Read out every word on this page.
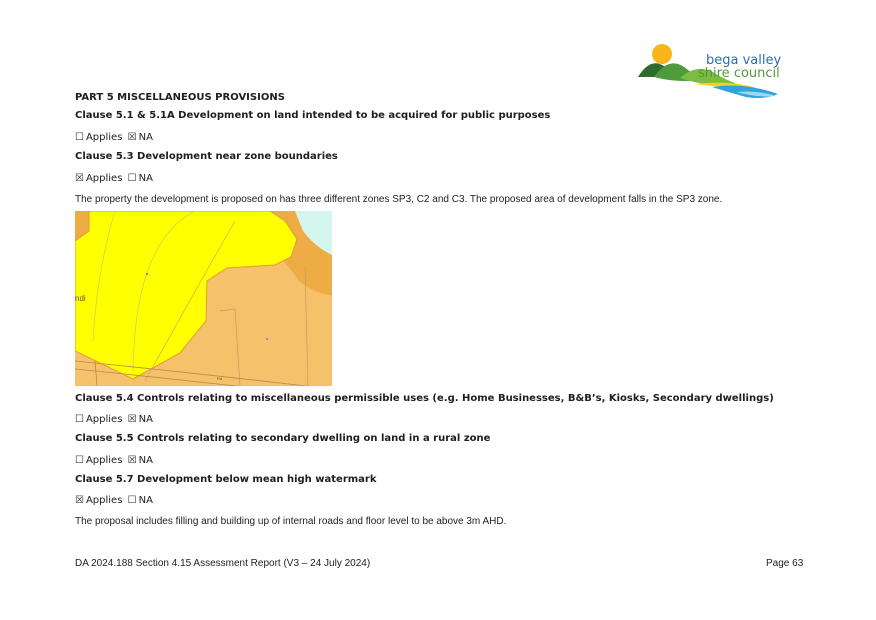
bega valley
shire council
PART 5 MISCELLANEOUS PROVISIONS
Clause 5.1 & 5.1A Development on land intended to be acquired for public purposes
☐ Applies ☒ NA
Clause 5.3 Development near zone boundaries
☒ Applies ☐ NA
The property the development is proposed on has three different zones SP3, C2 and C3. The proposed area of development falls in the SP3 zone.
ndi
Rd
Clause 5.4 Controls relating to miscellaneous permissible uses (e.g. Home Businesses, B&B’s, Kiosks, Secondary dwellings)
☐ Applies ☒ NA
Clause 5.5 Controls relating to secondary dwelling on land in a rural zone
☐ Applies ☒ NA
Clause 5.7 Development below mean high watermark
☒ Applies ☐ NA
The proposal includes filling and building up of internal roads and floor level to be above 3m AHD.
DA 2024.188 Section 4.15 Assessment Report (V3 – 24 July 2024)	Page 63
